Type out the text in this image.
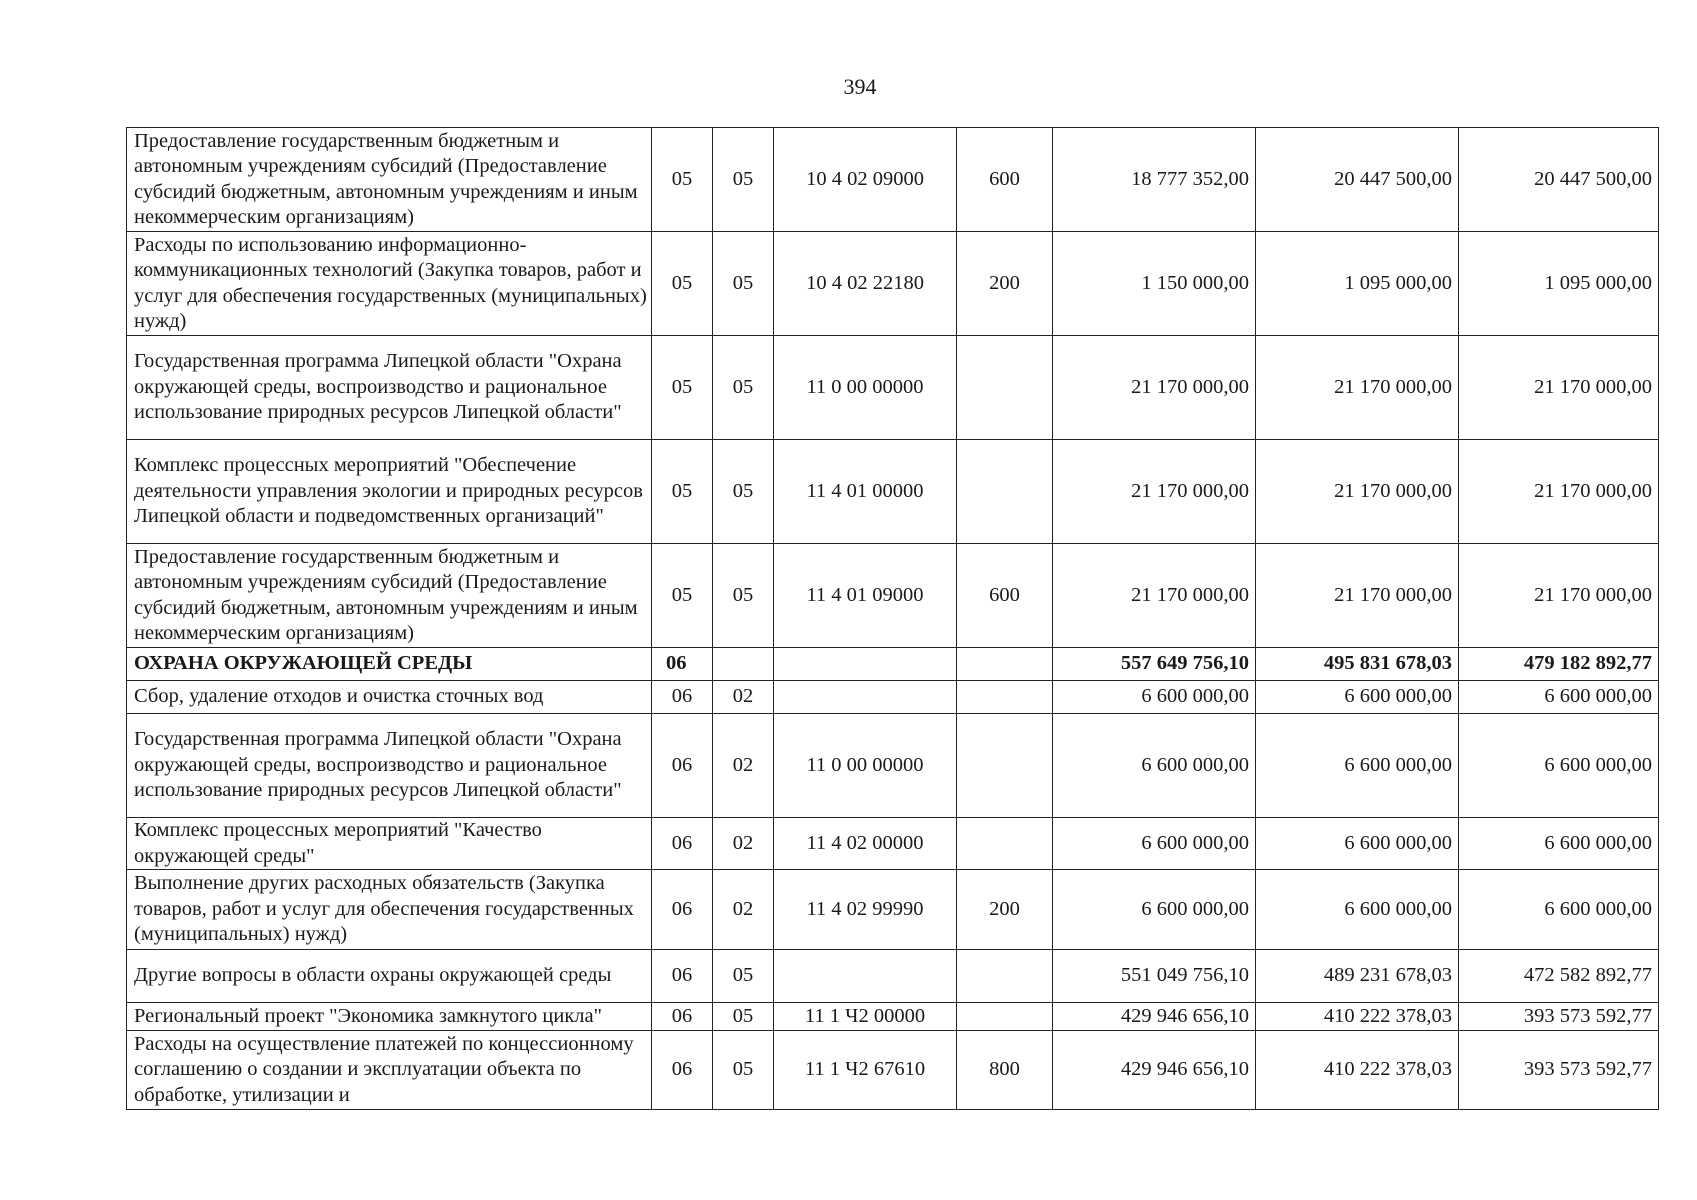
394
Предоставление государственным бюджетным и автономным учреждениям субсидий (Предоставление субсидий бюджетным, автономным учреждениям и иным некоммерческим организациям)	05	05	10 4 02 09000	600	18 777 352,00	20 447 500,00	20 447 500,00
Расходы по использованию информационно-коммуникационных технологий (Закупка товаров, работ и услуг для обеспечения государственных (муниципальных) нужд)	05	05	10 4 02 22180	200	1 150 000,00	1 095 000,00	1 095 000,00
Государственная программа Липецкой области "Охрана окружающей среды, воспроизводство и рациональное использование природных ресурсов Липецкой области"	05	05	11 0 00 00000		21 170 000,00	21 170 000,00	21 170 000,00
Комплекс процессных мероприятий "Обеспечение деятельности управления экологии и природных ресурсов Липецкой области и подведомственных организаций"	05	05	11 4 01 00000		21 170 000,00	21 170 000,00	21 170 000,00
Предоставление государственным бюджетным и автономным учреждениям субсидий (Предоставление субсидий бюджетным, автономным учреждениям и иным некоммерческим организациям)	05	05	11 4 01 09000	600	21 170 000,00	21 170 000,00	21 170 000,00
ОХРАНА ОКРУЖАЮЩЕЙ СРЕДЫ	06				557 649 756,10	495 831 678,03	479 182 892,77
Сбор, удаление отходов и очистка сточных вод	06	02			6 600 000,00	6 600 000,00	6 600 000,00
Государственная программа Липецкой области "Охрана окружающей среды, воспроизводство и рациональное использование природных ресурсов Липецкой области"	06	02	11 0 00 00000		6 600 000,00	6 600 000,00	6 600 000,00
Комплекс процессных мероприятий "Качество окружающей среды"	06	02	11 4 02 00000		6 600 000,00	6 600 000,00	6 600 000,00
Выполнение других расходных обязательств (Закупка товаров, работ и услуг для обеспечения государственных (муниципальных) нужд)	06	02	11 4 02 99990	200	6 600 000,00	6 600 000,00	6 600 000,00
Другие вопросы в области охраны окружающей среды	06	05			551 049 756,10	489 231 678,03	472 582 892,77
Региональный проект "Экономика замкнутого цикла"	06	05	11 1 Ч2 00000		429 946 656,10	410 222 378,03	393 573 592,77
Расходы на осуществление платежей по концессионному соглашению о создании и эксплуатации объекта по обработке, утилизации и	06	05	11 1 Ч2 67610	800	429 946 656,10	410 222 378,03	393 573 592,77
